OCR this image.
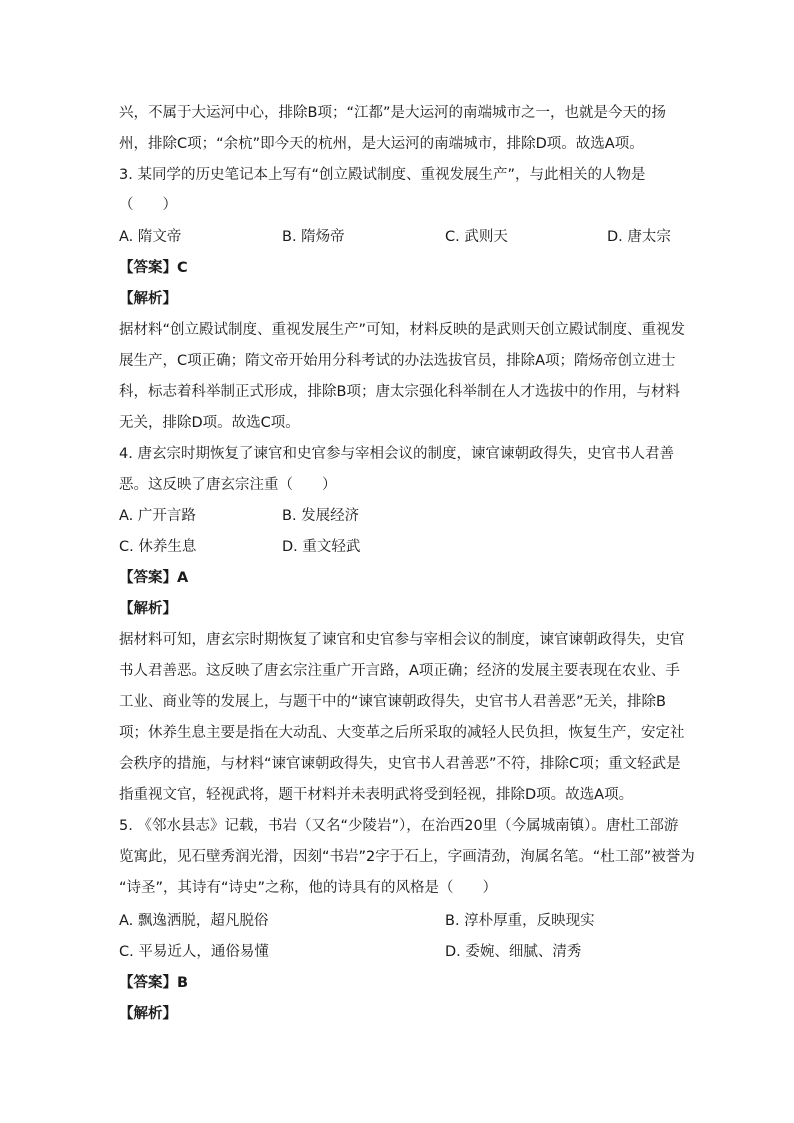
兴，不属于大运河中心，排除B项；“江都”是大运河的南端城市之一，也就是今天的扬
州，排除C项；“余杭”即今天的杭州，是大运河的南端城市，排除D项。故选A项。
3. 某同学的历史笔记本上写有“创立殿试制度、重视发展生产”，与此相关的人物是
（　　）
A. 隋文帝	B. 隋炀帝	C. 武则天	D. 唐太宗
【答案】C
【解析】
据材料“创立殿试制度、重视发展生产”可知，材料反映的是武则天创立殿试制度、重视发
展生产，C项正确；隋文帝开始用分科考试的办法选拔官员，排除A项；隋炀帝创立进士
科，标志着科举制正式形成，排除B项；唐太宗强化科举制在人才选拔中的作用，与材料
无关，排除D项。故选C项。
4. 唐玄宗时期恢复了谏官和史官参与宰相会议的制度，谏官谏朝政得失，史官书人君善
恶。这反映了唐玄宗注重（　　）
A. 广开言路	B. 发展经济
C. 休养生息	D. 重文轻武
【答案】A
【解析】
据材料可知，唐玄宗时期恢复了谏官和史官参与宰相会议的制度，谏官谏朝政得失，史官
书人君善恶。这反映了唐玄宗注重广开言路，A项正确；经济的发展主要表现在农业、手
工业、商业等的发展上，与题干中的“谏官谏朝政得失，史官书人君善恶”无关，排除B
项；休养生息主要是指在大动乱、大变革之后所采取的减轻人民负担，恢复生产，安定社
会秩序的措施，与材料“谏官谏朝政得失，史官书人君善恶”不符，排除C项；重文轻武是
指重视文官，轻视武将，题干材料并未表明武将受到轻视，排除D项。故选A项。
5. 《邻水县志》记载，书岩（又名“少陵岩”），在治西20里（今属城南镇）。唐杜工部游
览寓此，见石壁秀润光滑，因刻“书岩”2字于石上，字画清劲，洵属名笔。“杜工部”被誉为
“诗圣”，其诗有“诗史”之称，他的诗具有的风格是（　　）
A. 飘逸洒脱，超凡脱俗	B. 淳朴厚重，反映现实
C. 平易近人，通俗易懂	D. 委婉、细腻、清秀
【答案】B
【解析】
